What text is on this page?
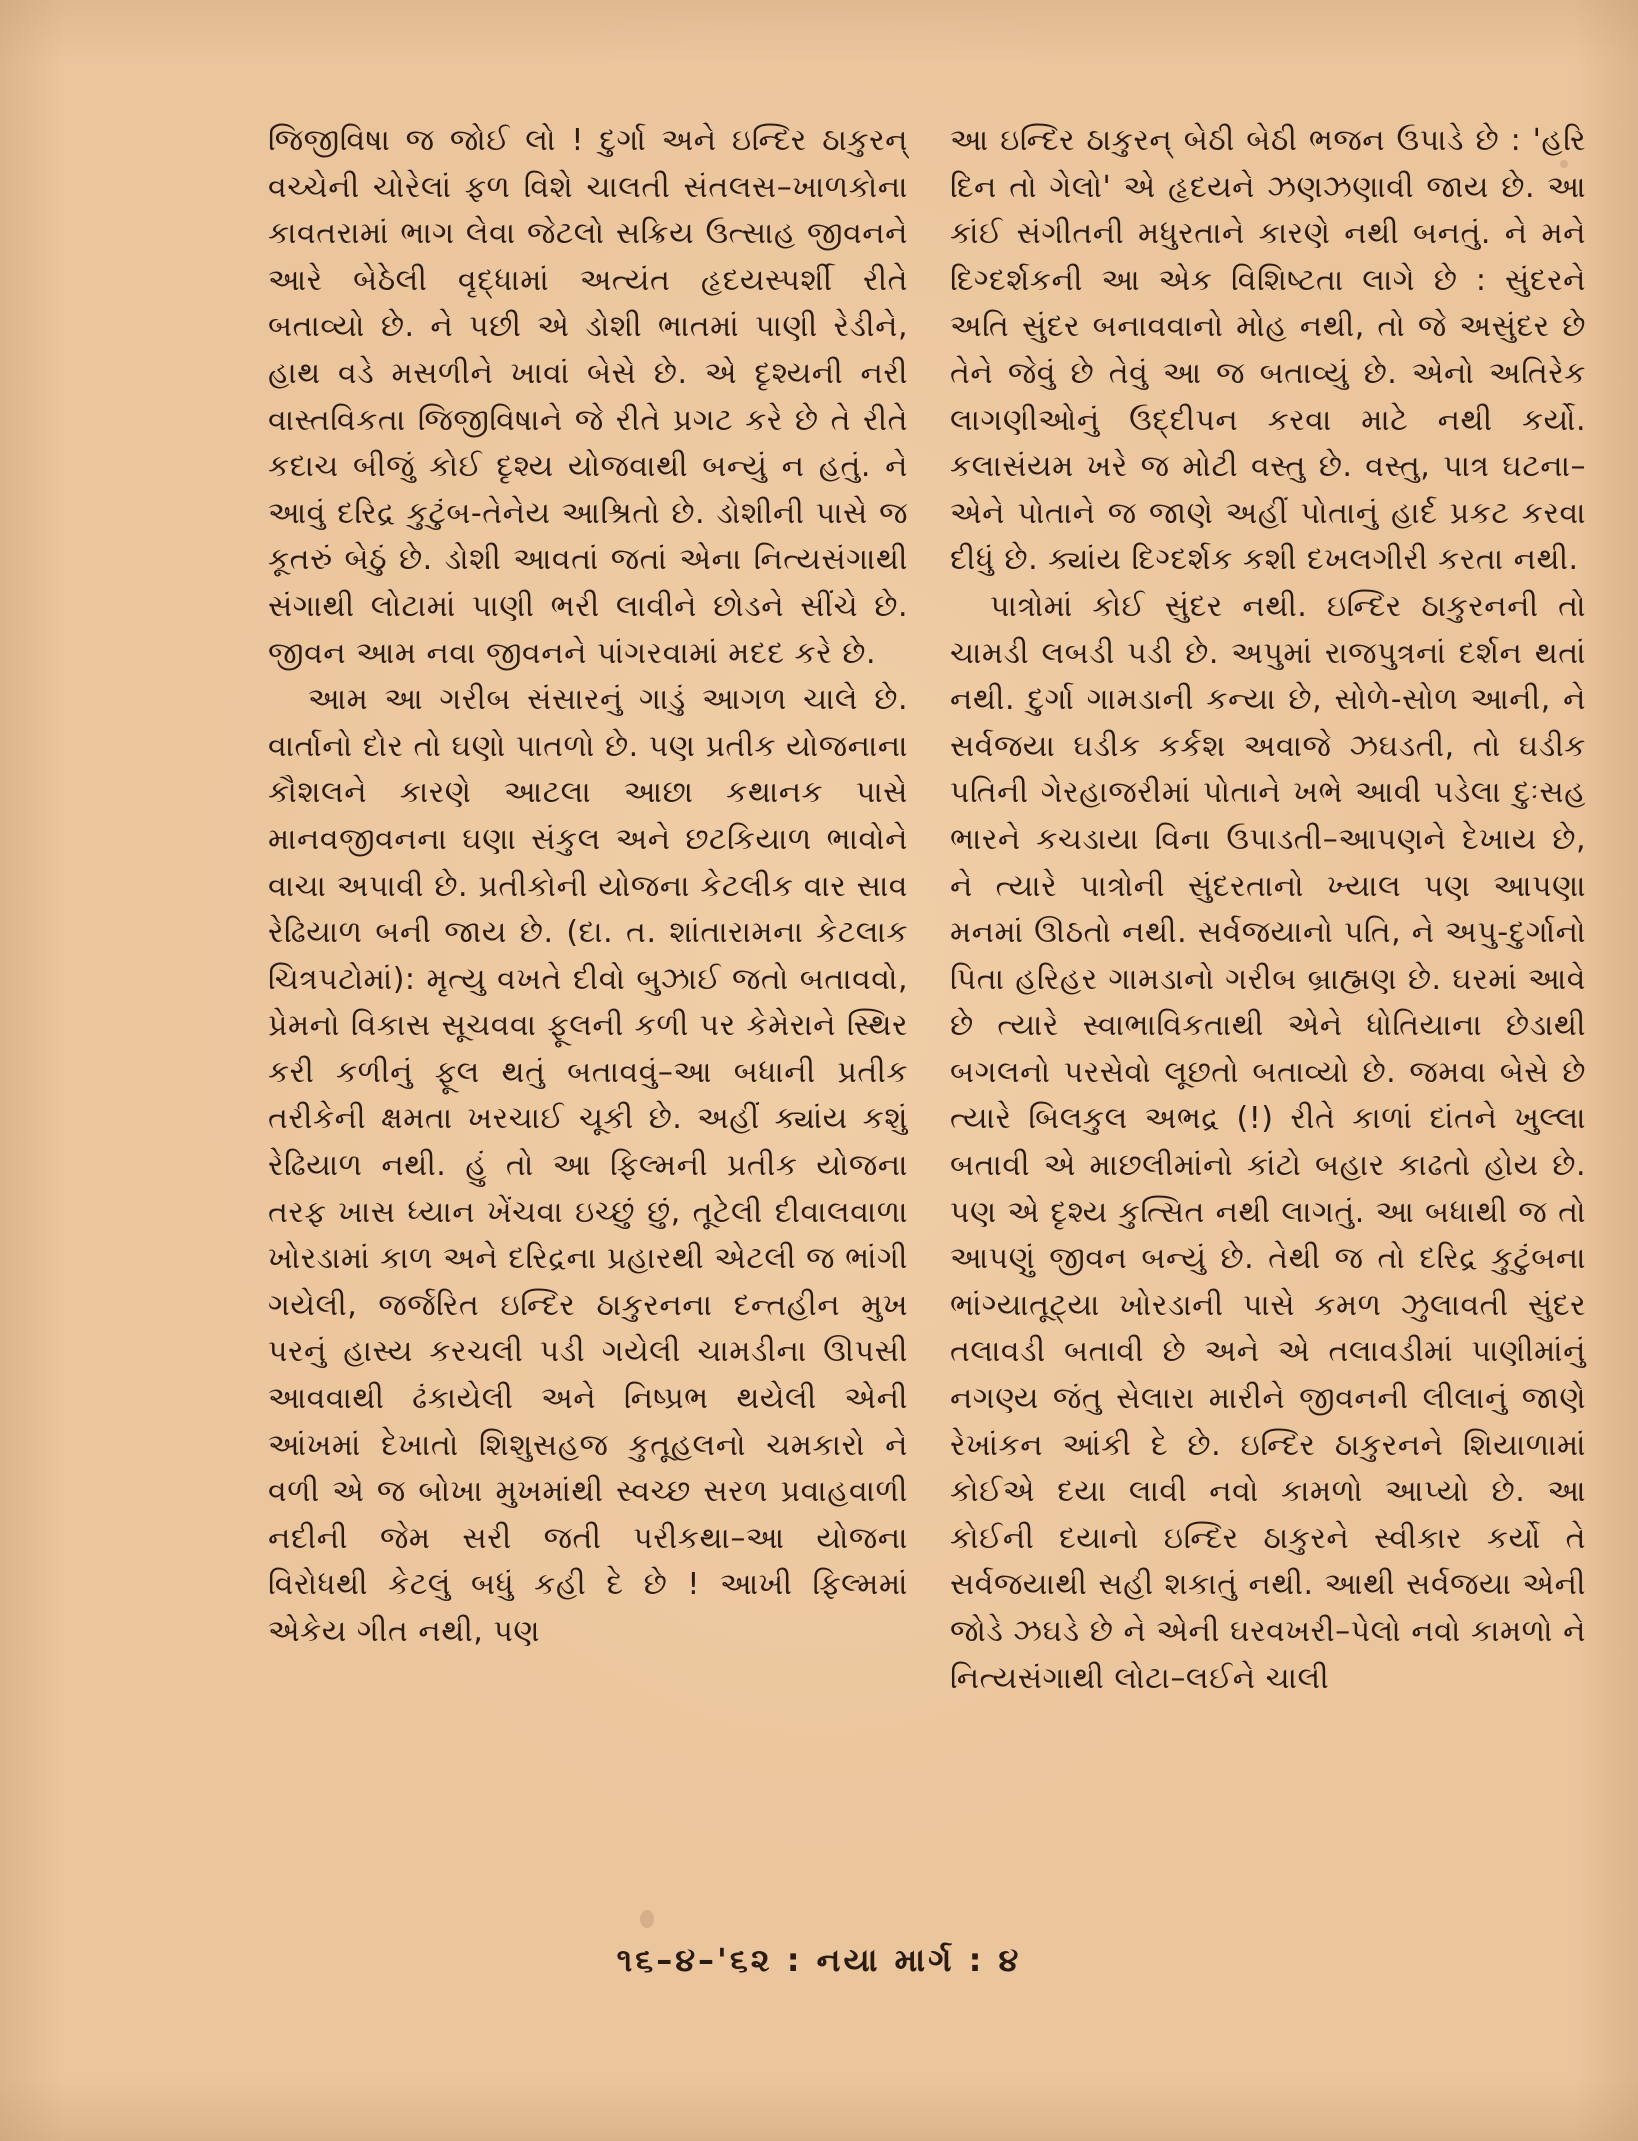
જિજીવિષા જ જોઈ લો ! દુર્ગા અને ઇન્દિર ઠાકુરન્ વચ્ચેની ચોરેલાં ફળ વિશે ચાલતી સંતલસ–ખાળકોના કાવતરામાં ભાગ લેવા જેટલો સક્રિય ઉત્સાહ જીવનને આરે બેઠેલી વૃદ્ધામાં અત્યંત હૃદયસ્પર્શી રીતે બતાવ્યો છે. ને પછી એ ડોશી ભાતમાં પાણી રેડીને, હાથ વડે મસળીને ખાવાં બેસે છે. એ દૃશ્યની નરી વાસ્તવિકતા જિજીવિષાને જે રીતે પ્રગટ કરે છે તે રીતે કદાચ બીજું કોઈ દૃશ્ય યોજવાથી બન્યું ન હતું. ને આવું દરિદ્ર કુટુંબ-તેનેય આશ્રિતો છે. ડોશીની પાસે જ કૂતરું બેઠું છે. ડોશી આવતાં જતાં એના નિત્યસંગાથી સંગાથી લોટામાં પાણી ભરી લાવીને છોડને સીંચે છે. જીવન આમ નવા જીવનને પાંગરવામાં મદદ કરે છે.

આમ આ ગરીબ સંસારનું ગાડું આગળ ચાલે છે. વાર્તાનો દોર તો ઘણો પાતળો છે. પણ પ્રતીક યોજનાના કૌશલને કારણે આટલા આછા કથાનક પાસે માનવજીવનના ઘણા સંકુલ અને છટકિયાળ ભાવોને વાચા અપાવી છે. પ્રતીકોની યોજના કેટલીક વાર સાવ રેઢિયાળ બની જાય છે. (દા. ત. શાંતારામના કેટલાક ચિત્રપટોમાં): મૃત્યુ વખતે દીવો બુઝાઈ જતો બતાવવો, પ્રેમનો વિકાસ સૂચવવા ફૂલની કળી પર કેમેરાને સ્થિર કરી કળીનું ફૂલ થતું બતાવવું–આ બધાની પ્રતીક તરીકેની ક્ષમતા ખરચાઈ ચૂકી છે. અહીં ક્યાંય કશું રેઢિયાળ નથી. હું તો આ ફિલ્મની પ્રતીક યોજના તરફ ખાસ ધ્યાન ખેંચવા ઇચ્છું છું, તૂટેલી દીવાલવાળા ખોરડામાં કાળ અને દરિદ્રના પ્રહારથી એટલી જ ભાંગી ગયેલી, જર્જરિત ઇન્દિર ઠાકુરનના દન્તહીન મુખ પરનું હાસ્ય કરચલી પડી ગયેલી ચામડીના ઊપસી આવવાથી ઢંકાયેલી અને નિષ્પ્રભ થયેલી એની આંખમાં દેખાતો શિશુસહજ કુતૂહલનો ચમકારો ને વળી એ જ બોખા મુખમાંથી સ્વચ્છ સરળ પ્રવાહવાળી નદીની જેમ સરી જતી પરીકથા–આ યોજના વિરોધથી કેટલું બધું કહી દે છે ! આખી ફિલ્મમાં એકેય ગીત નથી, પણ

આ ઇન્દિર ઠાકુરન્ બેઠી બેઠી ભજન ઉપાડે છે : 'હરિ દિન તો ગેલો' એ હૃદયને ઝણઝણાવી જાય છે. આ કાંઈ સંગીતની મધુરતાને કારણે નથી બનતું. ને મને દિગ્દર્શકની આ એક વિશિષ્ટતા લાગે છે : સુંદરને અતિ સુંદર બનાવવાનો મોહ નથી, તો જે અસુંદર છે તેને જેવું છે તેવું આ જ બતાવ્યું છે. એનો અતિરેક લાગણીઓનું ઉદ્દીપન કરવા માટે નથી કર્યો. કલાસંયમ ખરે જ મોટી વસ્તુ છે. વસ્તુ, પાત્ર ઘટના–એને પોતાને જ જાણે અહીં પોતાનું હાર્દ પ્રકટ કરવા દીધું છે. ક્યાંય દિગ્દર્શક કશી દખલગીરી કરતા નથી.

પાત્રોમાં કોઈ સુંદર નથી. ઇન્દિર ઠાકુરનની તો ચામડી લબડી પડી છે. અપુમાં રાજપુત્રનાં દર્શન થતાં નથી. દુર્ગા ગામડાની કન્યા છે, સોળે-સોળ આની, ને સર્વજયા ઘડીક કર્કશ અવાજે ઝઘડતી, તો ઘડીક પતિની ગેરહાજરીમાં પોતાને ખભે આવી પડેલા દુઃસહ ભારને કચડાયા વિના ઉપાડતી–આપણને દેખાય છે, ને ત્યારે પાત્રોની સુંદરતાનો ખ્યાલ પણ આપણા મનમાં ઊઠતો નથી. સર્વજયાનો પતિ, ને અપુ-દુર્ગાનો પિતા હરિહર ગામડાનો ગરીબ બ્રાહ્મણ છે. ઘરમાં આવે છે ત્યારે સ્વાભાવિકતાથી એને ધોતિયાના છેડાથી બગલનો પરસેવો લૂછતો બતાવ્યો છે. જમવા બેસે છે ત્યારે બિલકુલ અભદ્ર (!) રીતે કાળાં દાંતને ખુલ્લા બતાવી એ માછલીમાંનો કાંટો બહાર કાઢતો હોય છે. પણ એ દૃશ્ય કુત્સિત નથી લાગતું. આ બધાથી જ તો આપણું જીવન બન્યું છે. તેથી જ તો દરિદ્ર કુટુંબના ભાંગ્યાતૂટ્યા ખોરડાની પાસે કમળ ઝુલાવતી સુંદર તલાવડી બતાવી છે અને એ તલાવડીમાં પાણીમાંનું નગણ્ય જંતુ સેલારા મારીને જીવનની લીલાનું જાણે રેખાંકન આંકી દે છે. ઇન્દિર ઠાકુરનને શિયાળામાં કોઈએ દયા લાવી નવો કામળો આપ્યો છે. આ કોઈની દયાનો ઇન્દિર ઠાકુરને સ્વીકાર કર્યો તે સર્વજયાથી સહી શકાતું નથી. આથી સર્વજયા એની જોડે ઝઘડે છે ને એની ઘરવખરી–પેલો નવો કામળો ને નિત્યસંગાથી લોટા–લઈને ચાલી

૧૬–૪–'૬૨ : નયા માર્ગ : ૪
